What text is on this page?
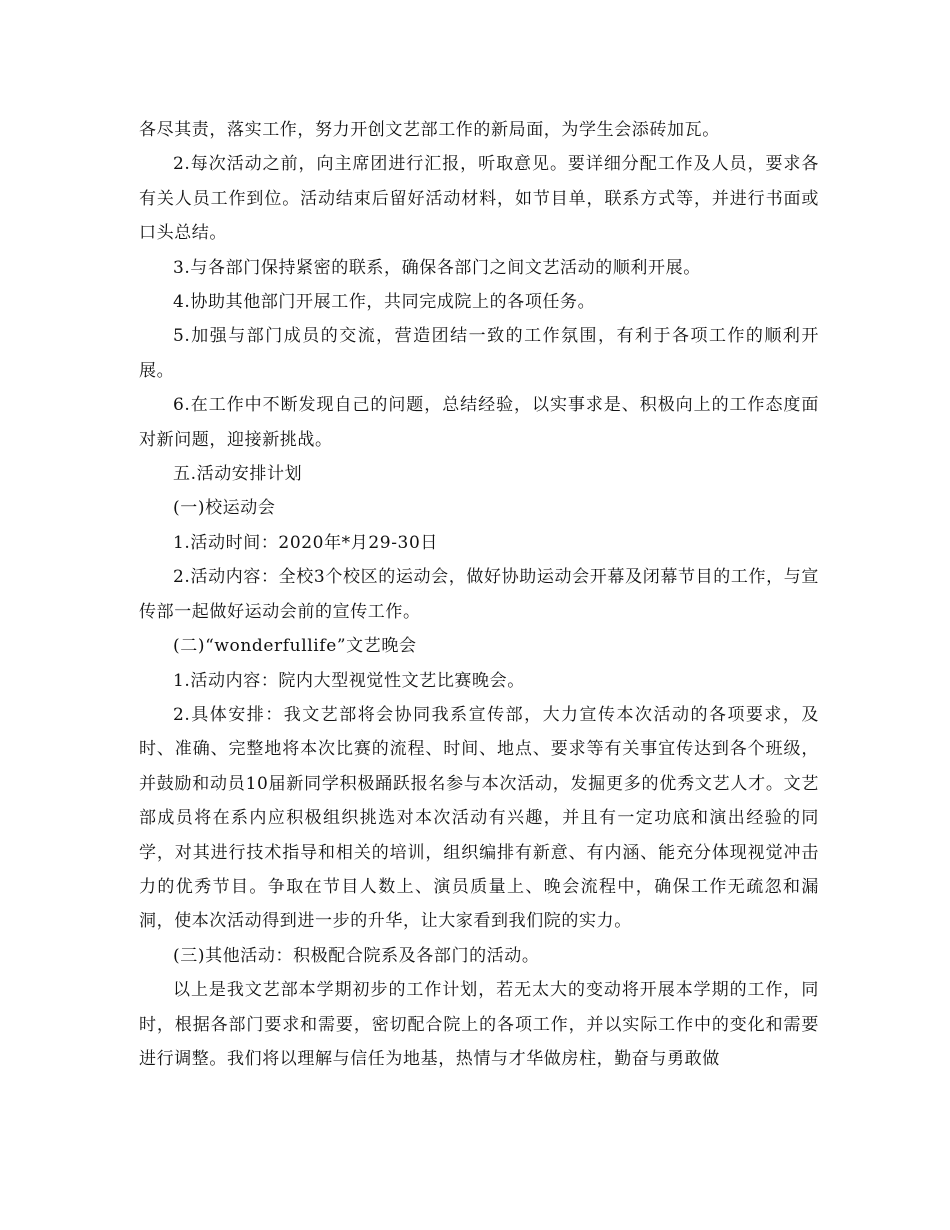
各尽其责，落实工作，努力开创文艺部工作的新局面，为学生会添砖加瓦。

2.每次活动之前，向主席团进行汇报，听取意见。要详细分配工作及人员，要求各有关人员工作到位。活动结束后留好活动材料，如节目单，联系方式等，并进行书面或口头总结。

3.与各部门保持紧密的联系，确保各部门之间文艺活动的顺利开展。

4.协助其他部门开展工作，共同完成院上的各项任务。

5.加强与部门成员的交流，营造团结一致的工作氛围，有利于各项工作的顺利开展。

6.在工作中不断发现自己的问题，总结经验，以实事求是、积极向上的工作态度面对新问题，迎接新挑战。

五.活动安排计划

(一)校运动会

1.活动时间：2020年*月29-30日

2.活动内容：全校3个校区的运动会，做好协助运动会开幕及闭幕节目的工作，与宣传部一起做好运动会前的宣传工作。

(二)“wonderfullife”文艺晚会

1.活动内容：院内大型视觉性文艺比赛晚会。

2.具体安排：我文艺部将会协同我系宣传部，大力宣传本次活动的各项要求，及时、准确、完整地将本次比赛的流程、时间、地点、要求等有关事宜传达到各个班级，并鼓励和动员10届新同学积极踊跃报名参与本次活动，发掘更多的优秀文艺人才。文艺部成员将在系内应积极组织挑选对本次活动有兴趣，并且有一定功底和演出经验的同学，对其进行技术指导和相关的培训，组织编排有新意、有内涵、能充分体现视觉冲击力的优秀节目。争取在节目人数上、演员质量上、晚会流程中，确保工作无疏忽和漏洞，使本次活动得到进一步的升华，让大家看到我们院的实力。

(三)其他活动：积极配合院系及各部门的活动。

以上是我文艺部本学期初步的工作计划，若无太大的变动将开展本学期的工作，同时，根据各部门要求和需要，密切配合院上的各项工作，并以实际工作中的变化和需要进行调整。我们将以理解与信任为地基，热情与才华做房柱，勤奋与勇敢做
